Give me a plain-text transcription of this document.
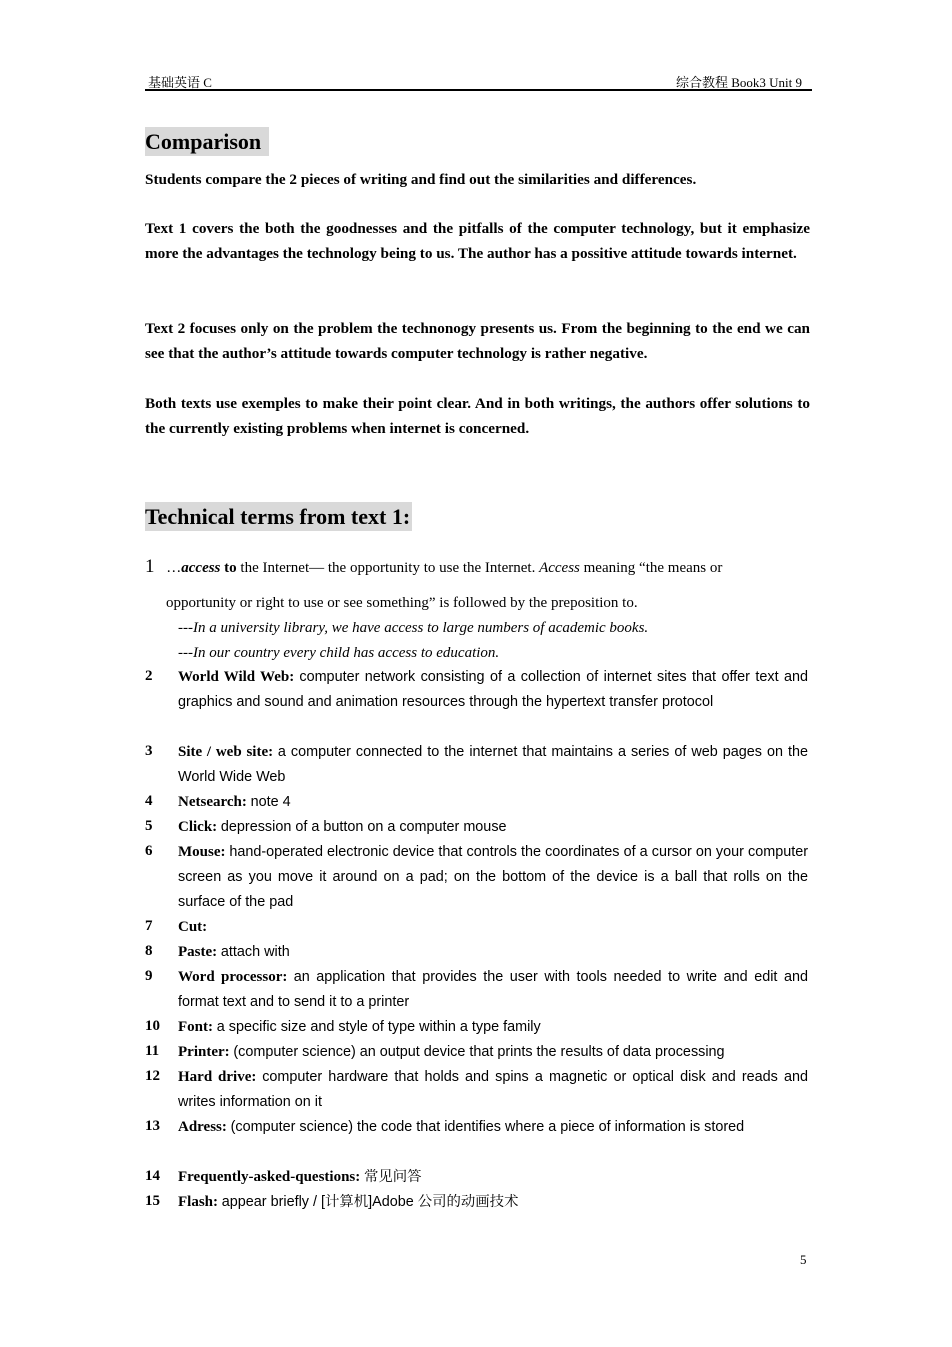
基础英语 C	综合教程 Book3 Unit 9
Comparison
Students compare the 2 pieces of writing and find out the similarities and differences.
Text 1 covers the both the goodnesses and the pitfalls of the computer technology, but it emphasize more the advantages the technology being to us. The author has a possitive attitude towards internet.
Text 2 focuses only on the problem the technonogy presents us. From the beginning to the end we can see that the author’s attitude towards computer technology is rather negative.
Both texts use exemples to make their point clear. And in both writings, the authors offer solutions to the currently existing problems when internet is concerned.
Technical terms from text 1:
1 …access to the Internet— the opportunity to use the Internet. Access meaning “the means or
opportunity or right to use or see something” is followed by the preposition to.
---In a university library, we have access to large numbers of academic books.
---In our country every child has access to education.
2	World Wild Web: computer network consisting of a collection of internet sites that offer text and graphics and sound and animation resources through the hypertext transfer protocol
3	Site / web site: a computer connected to the internet that maintains a series of web pages on the World Wide Web
4	Netsearch: note 4
5	Click: depression of a button on a computer mouse
6	Mouse: hand-operated electronic device that controls the coordinates of a cursor on your computer screen as you move it around on a pad; on the bottom of the device is a ball that rolls on the surface of the pad
7	Cut:
8	Paste: attach with
9	Word processor: an application that provides the user with tools needed to write and edit and format text and to send it to a printer
10	Font: a specific size and style of type within a type family
11	Printer: (computer science) an output device that prints the results of data processing
12	Hard drive: computer hardware that holds and spins a magnetic or optical disk and reads and writes information on it
13	Adress: (computer science) the code that identifies where a piece of information is stored
14	Frequently-asked-questions: 常见问答
15	Flash: appear briefly / [计算机]Adobe 公司的动画技术
5
